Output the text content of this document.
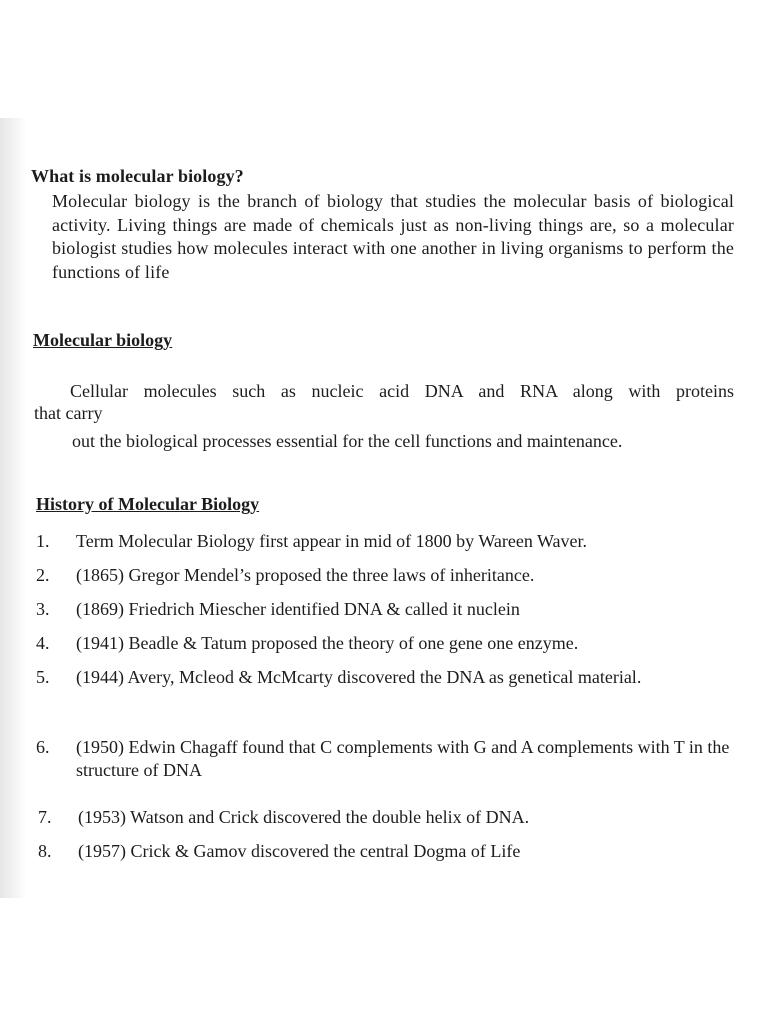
What is molecular biology?
Molecular biology is the branch of biology that studies the molecular basis of biological activity. Living things are made of chemicals just as non-living things are, so a molecular biologist studies how molecules interact with one another in living organisms to perform the functions of life
Molecular biology
Cellular molecules such as nucleic acid DNA and RNA along with proteins
that carry
out the biological processes essential for the cell functions and maintenance.
History of Molecular Biology
1.	Term Molecular Biology first appear in mid of 1800 by Wareen Waver.
2.	(1865) Gregor Mendel’s proposed the three laws of inheritance.
3.	(1869) Friedrich Miescher identified DNA & called it nuclein
4.	(1941) Beadle & Tatum proposed the theory of one gene one enzyme.
5.	(1944) Avery, Mcleod & McMcarty discovered the DNA as genetical material.
6.	(1950) Edwin Chagaff found that C complements with G and A complements with T in the structure of DNA
7.	(1953) Watson and Crick discovered the double helix of DNA.
8.	(1957) Crick & Gamov discovered the central Dogma of Life
